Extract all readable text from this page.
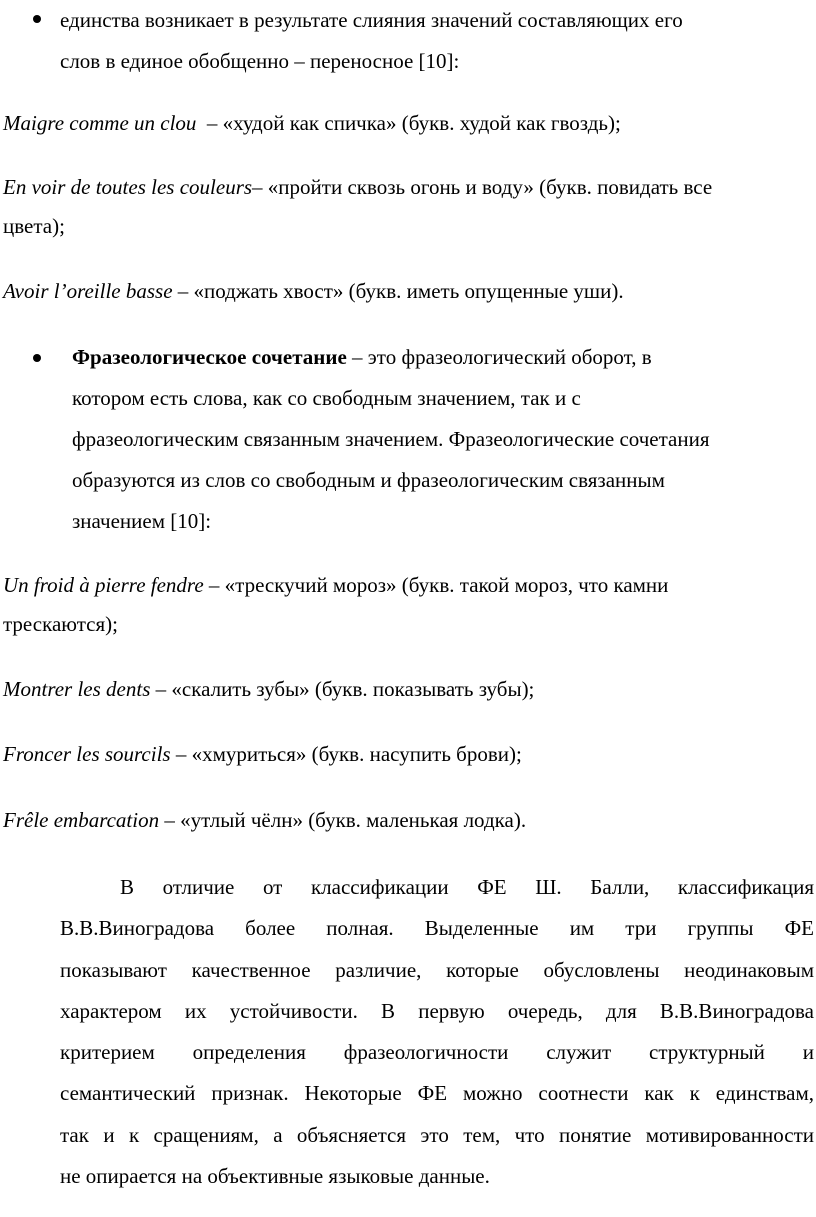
единства возникает в результате слияния значений составляющих его
слов в единое обобщенно – переносное [10]:
Maigre comme un clou  – «худой как спичка» (букв. худой как гвоздь);
En voir de toutes les couleurs– «пройти сквозь огонь и воду» (букв. повидать все
цвета);
Avoir l’oreille basse – «поджать хвост» (букв. иметь опущенные уши).
Фразеологическое сочетание – это фразеологический оборот, в
котором есть слова, как со свободным значением, так и с
фразеологическим связанным значением. Фразеологические сочетания
образуются из слов со свободным и фразеологическим связанным
значением [10]:
Un froid à pierre fendre – «трескучий мороз» (букв. такой мороз, что камни
трескаются);
Montrer les dents – «скалить зубы» (букв. показывать зубы);
Froncer les sourcils – «хмуриться» (букв. насупить брови);
Frêle embarcation – «утлый чёлн» (букв. маленькая лодка).
В отличие от классификации ФЕ Ш. Балли, классификация
В.В.Виноградова более полная. Выделенные им три группы ФЕ
показывают качественное различие, которые обусловлены неодинаковым
характером их устойчивости. В первую очередь, для В.В.Виноградова
критерием определения фразеологичности служит структурный и
семантический признак. Некоторые ФЕ можно соотнести как к единствам,
так и к сращениям, а объясняется это тем, что понятие мотивированности
не опирается на объективные языковые данные.
